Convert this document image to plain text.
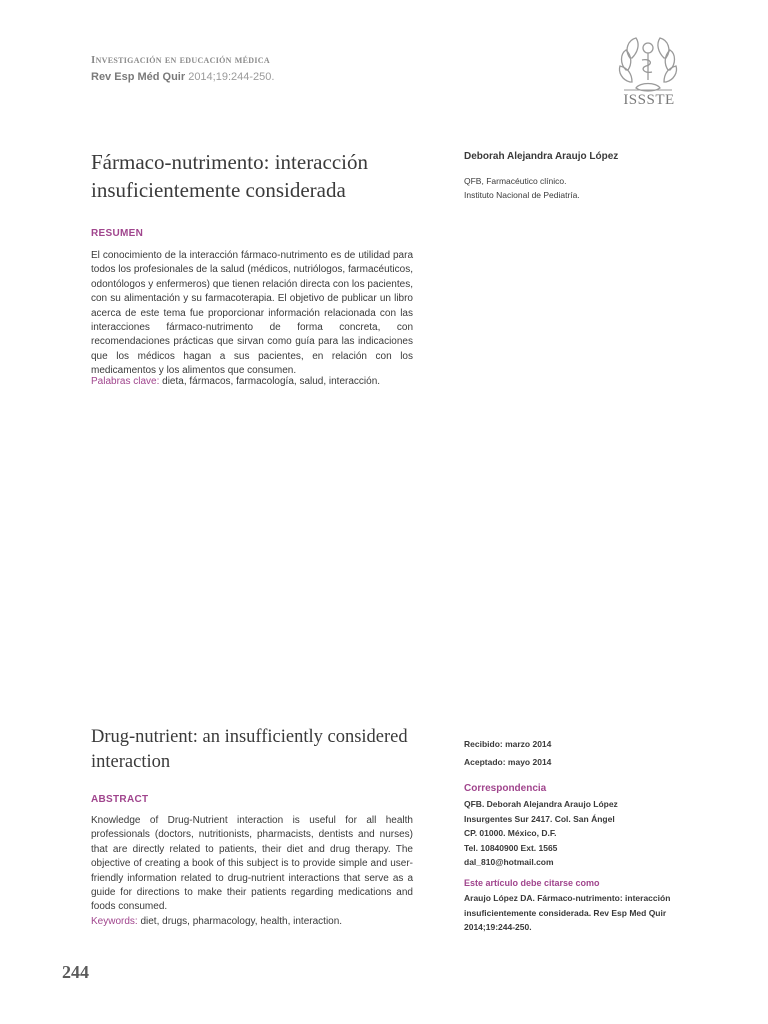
Investigación en educación médica
Rev Esp Méd Quir 2014;19:244-250.
ISSSTE
Fármaco-nutrimento: interacción insuficientemente considerada
Deborah Alejandra Araujo López
QFB, Farmacéutico clínico.
Instituto Nacional de Pediatría.
RESUMEN
El conocimiento de la interacción fármaco-nutrimento es de utilidad para todos los profesionales de la salud (médicos, nutriólogos, farmacéuticos, odontólogos y enfermeros) que tienen relación directa con los pacientes, con su alimentación y su farmacoterapia. El objetivo de publicar un libro acerca de este tema fue proporcionar información relacionada con las interacciones fármaco-nutrimento de forma concreta, con recomendaciones prácticas que sirvan como guía para las indicaciones que los médicos hagan a sus pacientes, en relación con los medicamentos y los alimentos que consumen.
Palabras clave: dieta, fármacos, farmacología, salud, interacción.
Drug-nutrient: an insufficiently considered interaction
ABSTRACT
Knowledge of Drug-Nutrient interaction is useful for all health professionals (doctors, nutritionists, pharmacists, dentists and nurses) that are directly related to patients, their diet and drug therapy. The objective of creating a book of this subject is to provide simple and user-friendly information related to drug-nutrient interactions that serve as a guide for directions to make their patients regarding medications and foods consumed.
Keywords: diet, drugs, pharmacology, health, interaction.
Recibido: marzo 2014
Aceptado: mayo 2014
Correspondencia
QFB. Deborah Alejandra Araujo López
Insurgentes Sur 2417. Col. San Ángel
CP. 01000. México, D.F.
Tel. 10840900 Ext. 1565
dal_810@hotmail.com
Este artículo debe citarse como
Araujo López DA. Fármaco-nutrimento: interacción insuficientemente considerada. Rev Esp Med Quir 2014;19:244-250.
244
